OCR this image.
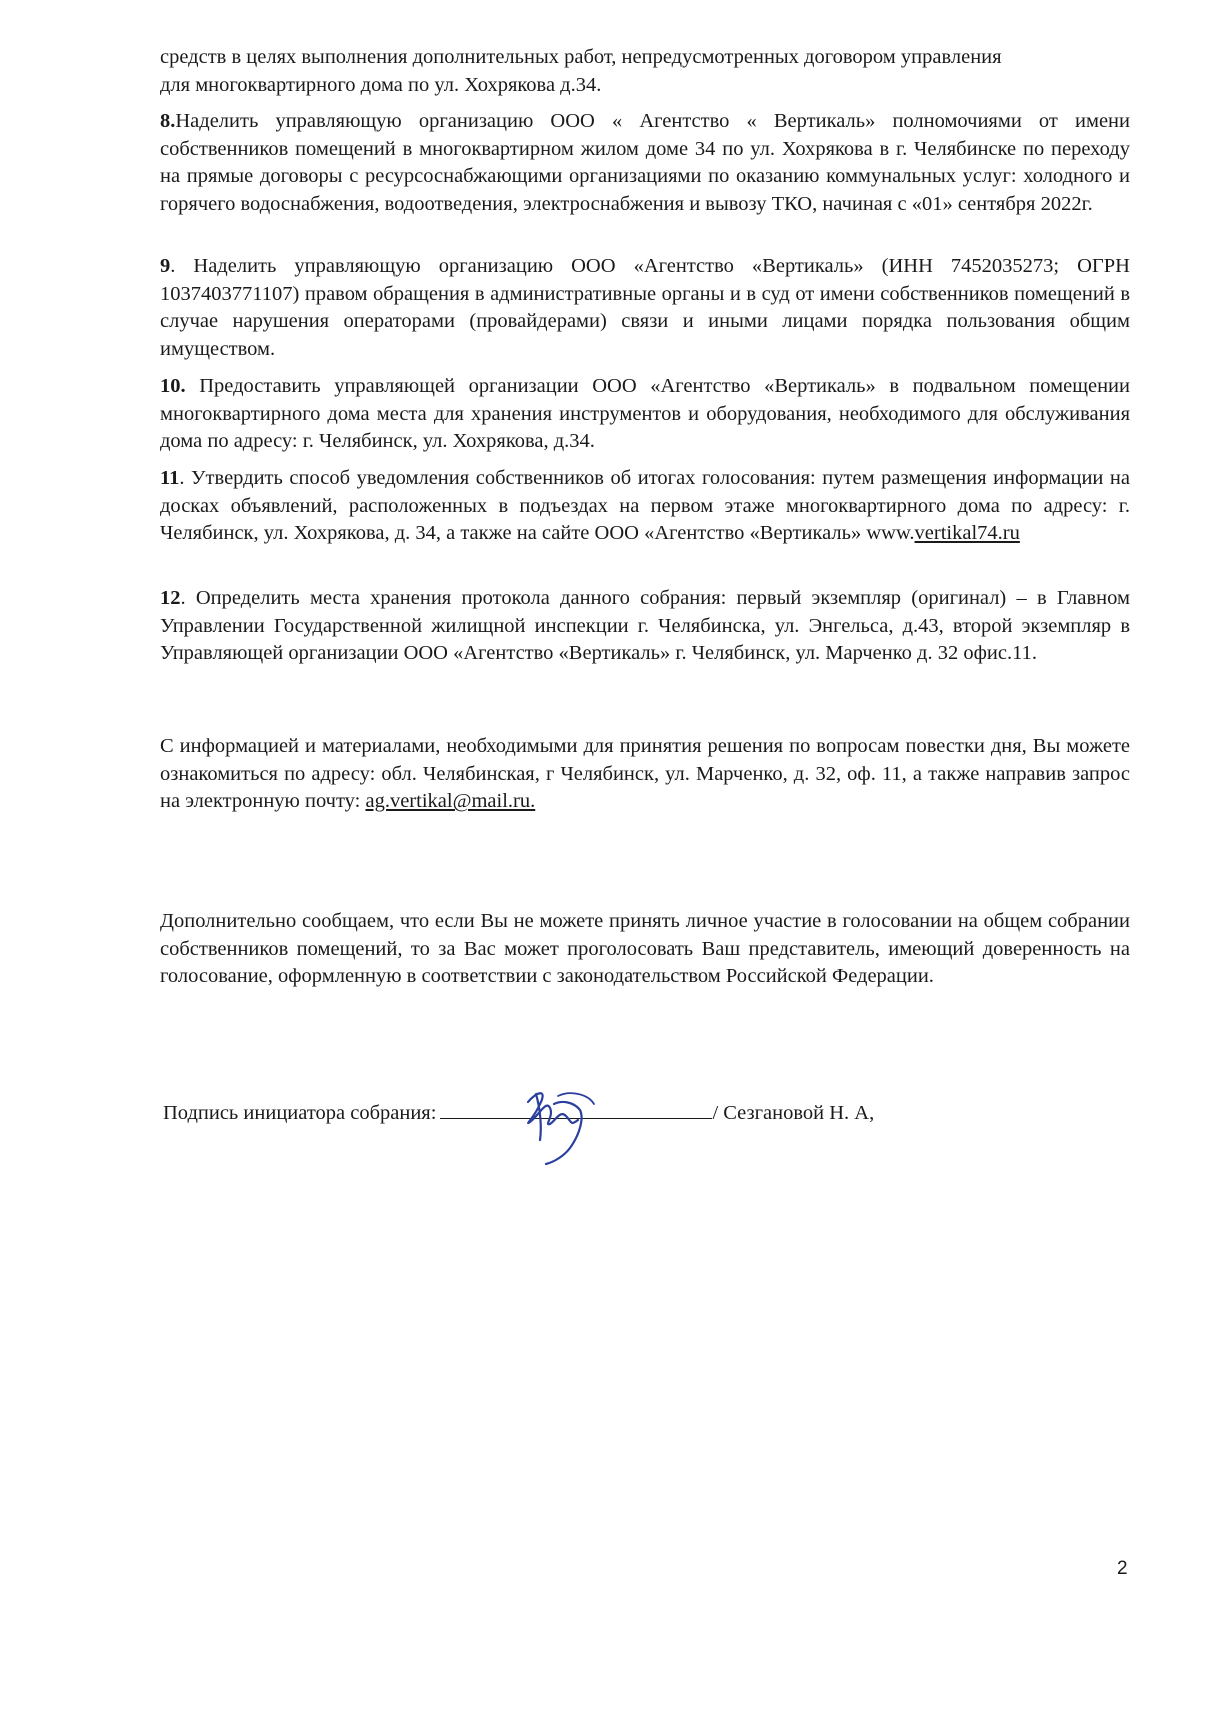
средств в целях выполнения дополнительных работ, непредусмотренных договором управления
для многоквартирного дома по ул. Хохрякова д.34.
8.Наделить управляющую организацию ООО « Агентство « Вертикаль» полномочиями от имени собственников помещений в многоквартирном жилом доме 34 по ул. Хохрякова в г. Челябинске по переходу на прямые договоры с ресурсоснабжающими организациями по оказанию коммунальных услуг: холодного и горячего водоснабжения, водоотведения, электроснабжения и вывозу ТКО, начиная с «01» сентября 2022г.
9. Наделить управляющую организацию ООО «Агентство «Вертикаль» (ИНН 7452035273; ОГРН 1037403771107) правом обращения в административные органы и в суд от имени собственников помещений в случае нарушения операторами (провайдерами) связи и иными лицами порядка пользования общим имуществом.
10. Предоставить управляющей организации ООО «Агентство «Вертикаль» в подвальном помещении многоквартирного дома места для хранения инструментов и оборудования, необходимого для обслуживания дома по адресу: г. Челябинск, ул. Хохрякова, д.34.
11. Утвердить способ уведомления собственников об итогах голосования: путем размещения информации на досках объявлений, расположенных в подъездах на первом этаже многоквартирного дома по адресу: г. Челябинск, ул. Хохрякова, д. 34, а также на сайте ООО «Агентство «Вертикаль» www.vertikal74.ru
12. Определить места хранения протокола данного собрания: первый экземпляр (оригинал) – в Главном Управлении Государственной жилищной инспекции г. Челябинска, ул. Энгельса, д.43, второй экземпляр в Управляющей организации ООО «Агентство «Вертикаль» г. Челябинск, ул. Марченко д. 32 офис.11.
С информацией и материалами, необходимыми для принятия решения по вопросам повестки дня, Вы можете ознакомиться по адресу: обл. Челябинская, г Челябинск, ул. Марченко, д. 32, оф. 11, а также направив запрос на электронную почту: ag.vertikal@mail.ru.
Дополнительно сообщаем, что если Вы не можете принять личное участие в голосовании на общем собрании собственников помещений, то за Вас может проголосовать Ваш представитель, имеющий доверенность на голосование, оформленную в соответствии с законодательством Российской Федерации.
Подпись инициатора собрания:	/ Сезгановой Н. А,
2
